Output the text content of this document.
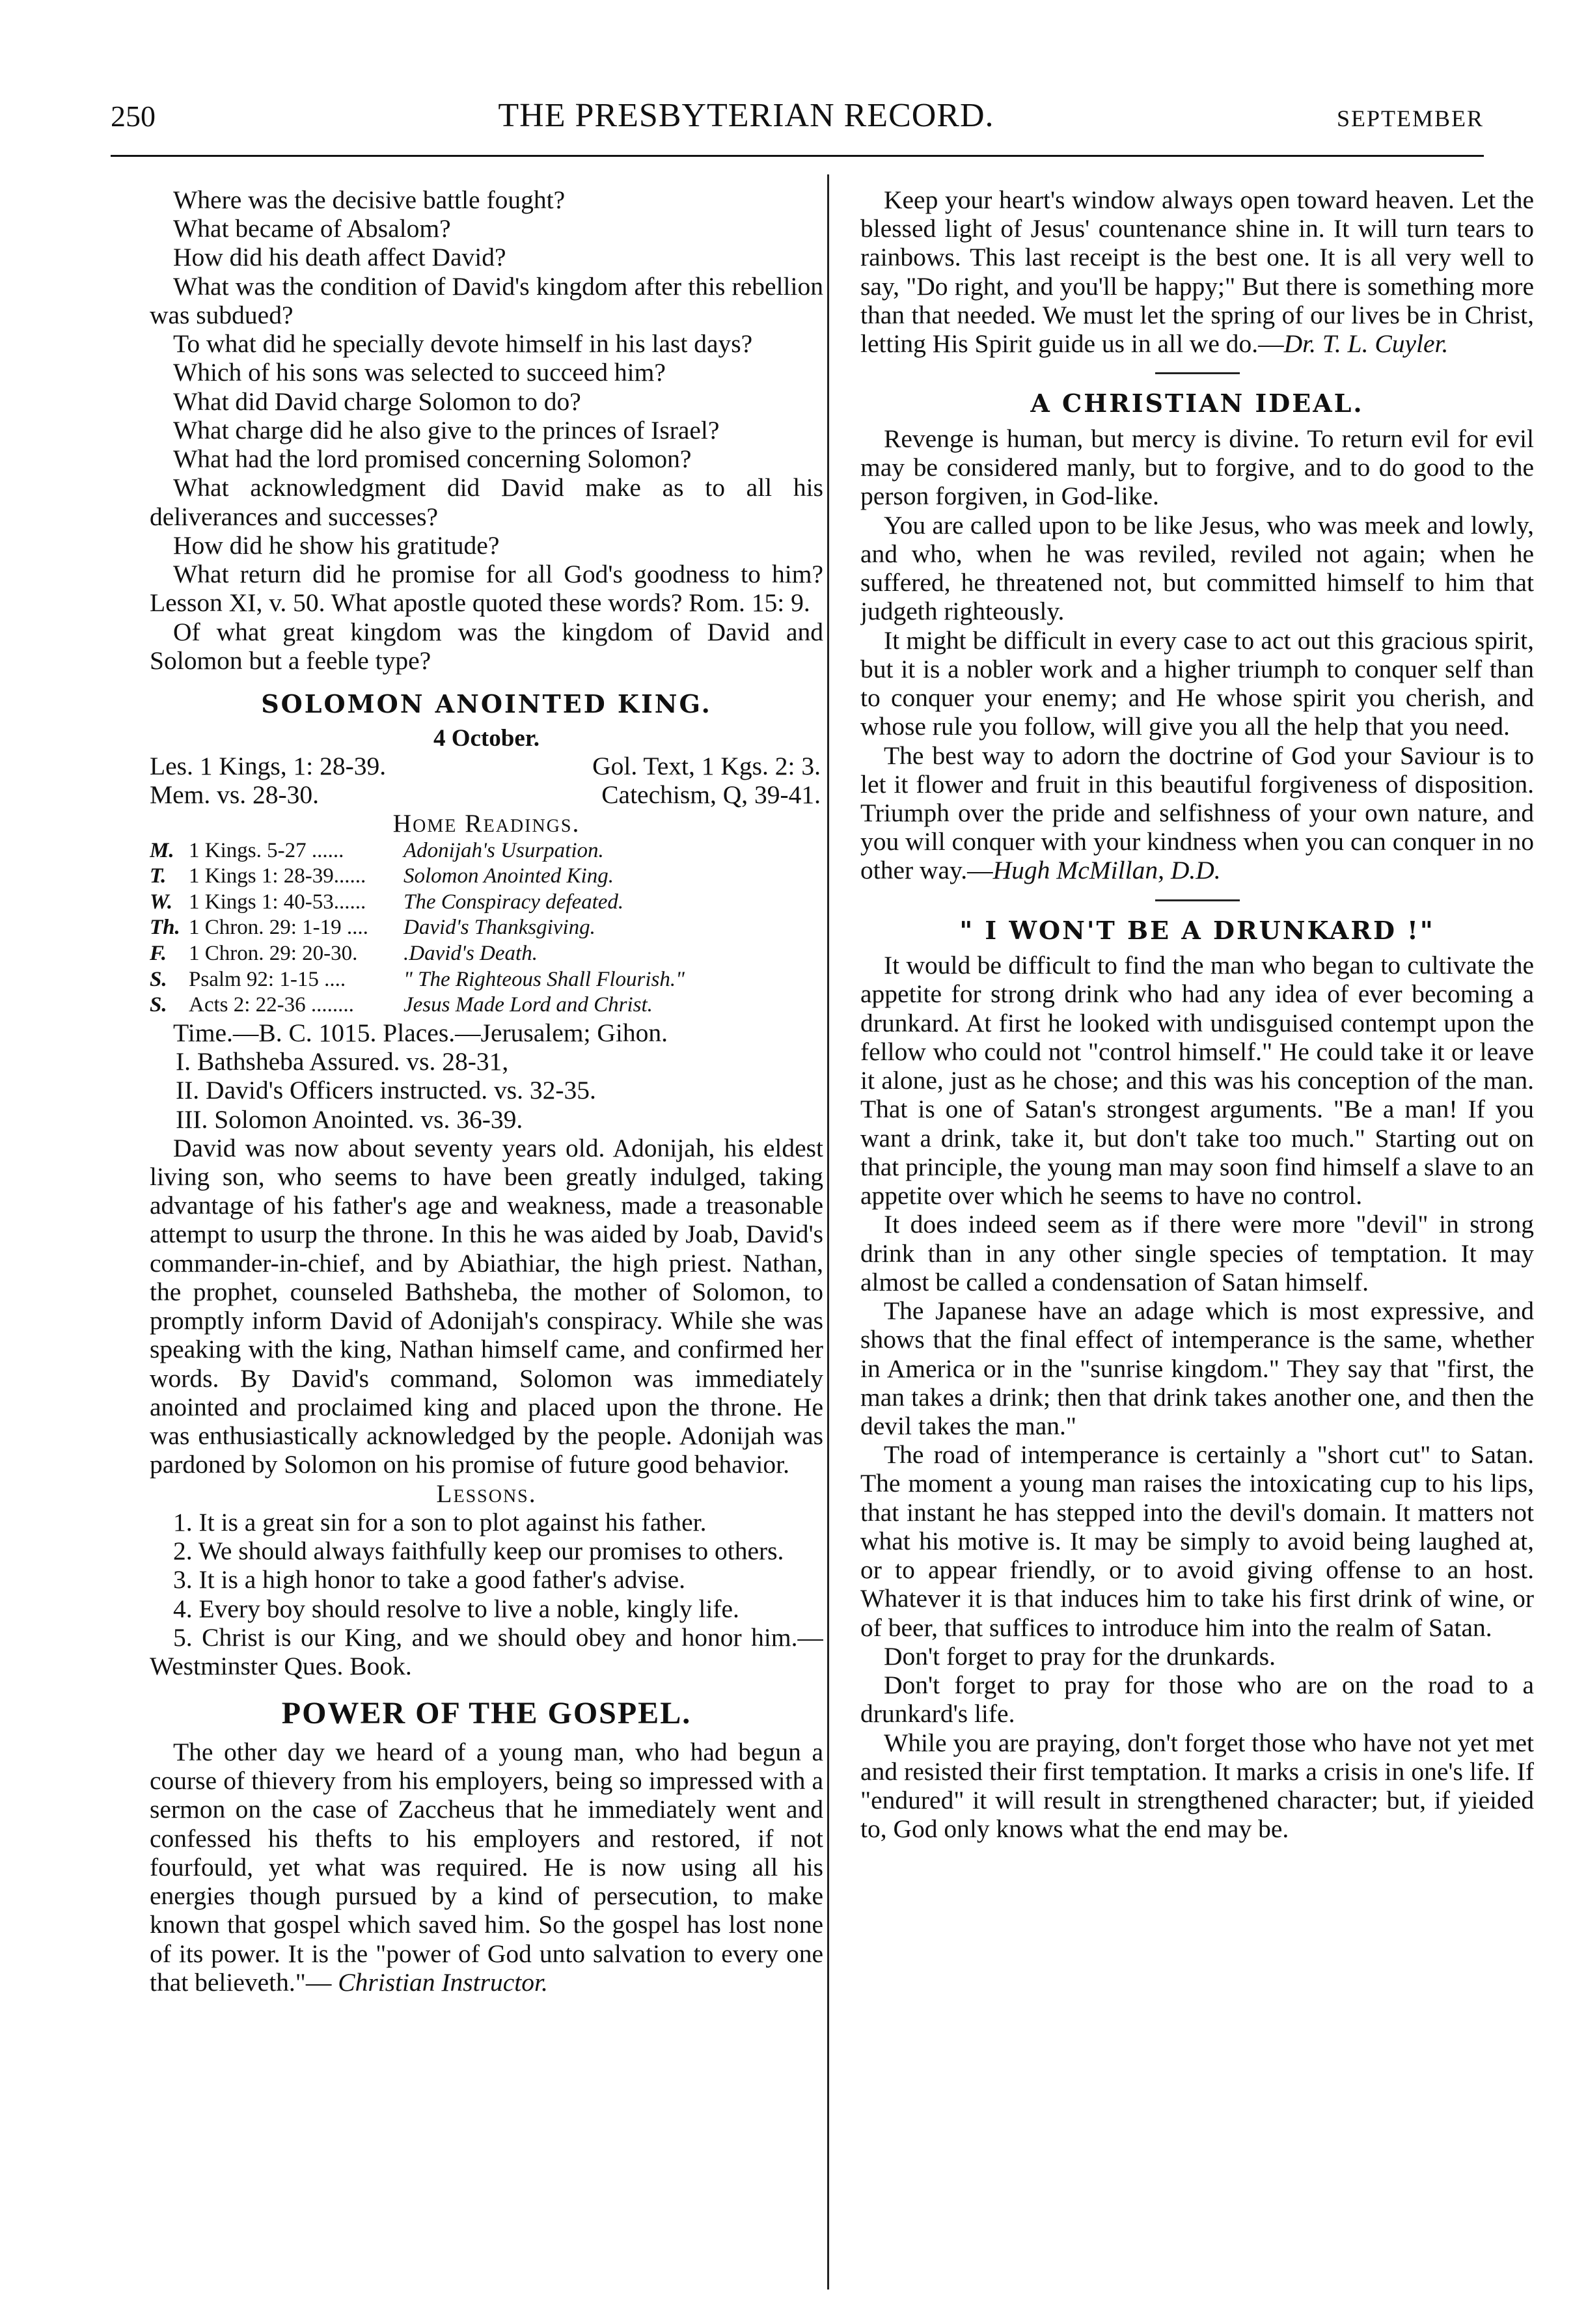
250	THE PRESBYTERIAN RECORD.	SEPTEMBER

Where was the decisive battle fought?

What became of Absalom?

How did his death affect David?

What was the condition of David's kingdom after this rebellion was subdued?

To what did he specially devote himself in his last days?

Which of his sons was selected to succeed him?

What did David charge Solomon to do?

What charge did he also give to the princes of Israel?

What had the lord promised concerning Solomon?

What acknowledgment did David make as to all his deliverances and successes?

How did he show his gratitude?

What return did he promise for all God's goodness to him? Lesson XI, v. 50. What apostle quoted these words? Rom. 15: 9.

Of what great kingdom was the kingdom of David and Solomon but a feeble type?

SOLOMON ANOINTED KING.

4 October.

Les. 1 Kings, 1: 28-39.	Gol. Text, 1 Kgs. 2: 3.
Mem. vs. 28-30.	Catechism, Q, 39-41.

Home Readings.

M. 1 Kings. 5-27 ......	Adonijah's Usurpation.
T.	1 Kings 1: 28-39......	Solomon Anointed King.
W. 1 Kings 1: 40-53......	The Conspiracy defeated.
Th. 1 Chron. 29: 1-19 ....	David's Thanksgiving.
F.	1 Chron. 29: 20-30.	.David's Death.
S.	Psalm 92: 1-15 ....	" The Righteous Shall Flourish."
S.	Acts 2: 22-36 ........	Jesus Made Lord and Christ.

Time.—B. C. 1015. Places.—Jerusalem; Gihon.

I. Bathsheba Assured. vs. 28-31,

II. David's Officers instructed. vs. 32-35.

III. Solomon Anointed. vs. 36-39.

David was now about seventy years old. Adonijah, his eldest living son, who seems to have been greatly indulged, taking advantage of his father's age and weakness, made a treasonable attempt to usurp the throne. In this he was aided by Joab, David's commander-in-chief, and by Abiathiar, the high priest. Nathan, the prophet, counseled Bathsheba, the mother of Solomon, to promptly inform David of Adonijah's conspiracy. While she was speaking with the king, Nathan himself came, and confirmed her words. By David's command, Solomon was immediately anointed and proclaimed king and placed upon the throne. He was enthusiastically acknowledged by the people. Adonijah was pardoned by Solomon on his promise of future good behavior.

Lessons.

1. It is a great sin for a son to plot against his father.

2. We should always faithfully keep our promises to others.

3. It is a high honor to take a good father's advise.

4. Every boy should resolve to live a noble, kingly life.

5. Christ is our King, and we should obey and honor him.—Westminster Ques. Book.

POWER OF THE GOSPEL.

The other day we heard of a young man, who had begun a course of thievery from his employers, being so impressed with a sermon on the case of Zaccheus that he immediately went and confessed his thefts to his employers and restored, if not fourfould, yet what was required. He is now using all his energies though pursued by a kind of persecution, to make known that gospel which saved him. So the gospel has lost none of its power. It is the "power of God unto salvation to every one that believeth."— Christian Instructor.

Keep your heart's window always open toward heaven. Let the blessed light of Jesus' countenance shine in. It will turn tears to rainbows. This last receipt is the best one. It is all very well to say, "Do right, and you'll be happy;" But there is something more than that needed. We must let the spring of our lives be in Christ, letting His Spirit guide us in all we do.—Dr. T. L. Cuyler.

A CHRISTIAN IDEAL.

Revenge is human, but mercy is divine. To return evil for evil may be considered manly, but to forgive, and to do good to the person forgiven, in God-like.

You are called upon to be like Jesus, who was meek and lowly, and who, when he was reviled, reviled not again; when he suffered, he threatened not, but committed himself to him that judgeth righteously.

It might be difficult in every case to act out this gracious spirit, but it is a nobler work and a higher triumph to conquer self than to conquer your enemy; and He whose spirit you cherish, and whose rule you follow, will give you all the help that you need.

The best way to adorn the doctrine of God your Saviour is to let it flower and fruit in this beautiful forgiveness of disposition. Triumph over the pride and selfishness of your own nature, and you will conquer with your kindness when you can conquer in no other way.—Hugh McMillan, D.D.

" I WON'T BE A DRUNKARD !"

It would be difficult to find the man who began to cultivate the appetite for strong drink who had any idea of ever becoming a drunkard. At first he looked with undisguised contempt upon the fellow who could not "control himself." He could take it or leave it alone, just as he chose; and this was his conception of the man. That is one of Satan's strongest arguments. "Be a man! If you want a drink, take it, but don't take too much." Starting out on that principle, the young man may soon find himself a slave to an appetite over which he seems to have no control.

It does indeed seem as if there were more "devil" in strong drink than in any other single species of temptation. It may almost be called a condensation of Satan himself.

The Japanese have an adage which is most expressive, and shows that the final effect of intemperance is the same, whether in America or in the "sunrise kingdom." They say that "first, the man takes a drink; then that drink takes another one, and then the devil takes the man."

The road of intemperance is certainly a "short cut" to Satan. The moment a young man raises the intoxicating cup to his lips, that instant he has stepped into the devil's domain. It matters not what his motive is. It may be simply to avoid being laughed at, or to appear friendly, or to avoid giving offense to an host. Whatever it is that induces him to take his first drink of wine, or of beer, that suffices to introduce him into the realm of Satan.

Don't forget to pray for the drunkards.

Don't forget to pray for those who are on the road to a drunkard's life.

While you are praying, don't forget those who have not yet met and resisted their first temptation. It marks a crisis in one's life. If "endured" it will result in strengthened character; but, if yieided to, God only knows what the end may be.
